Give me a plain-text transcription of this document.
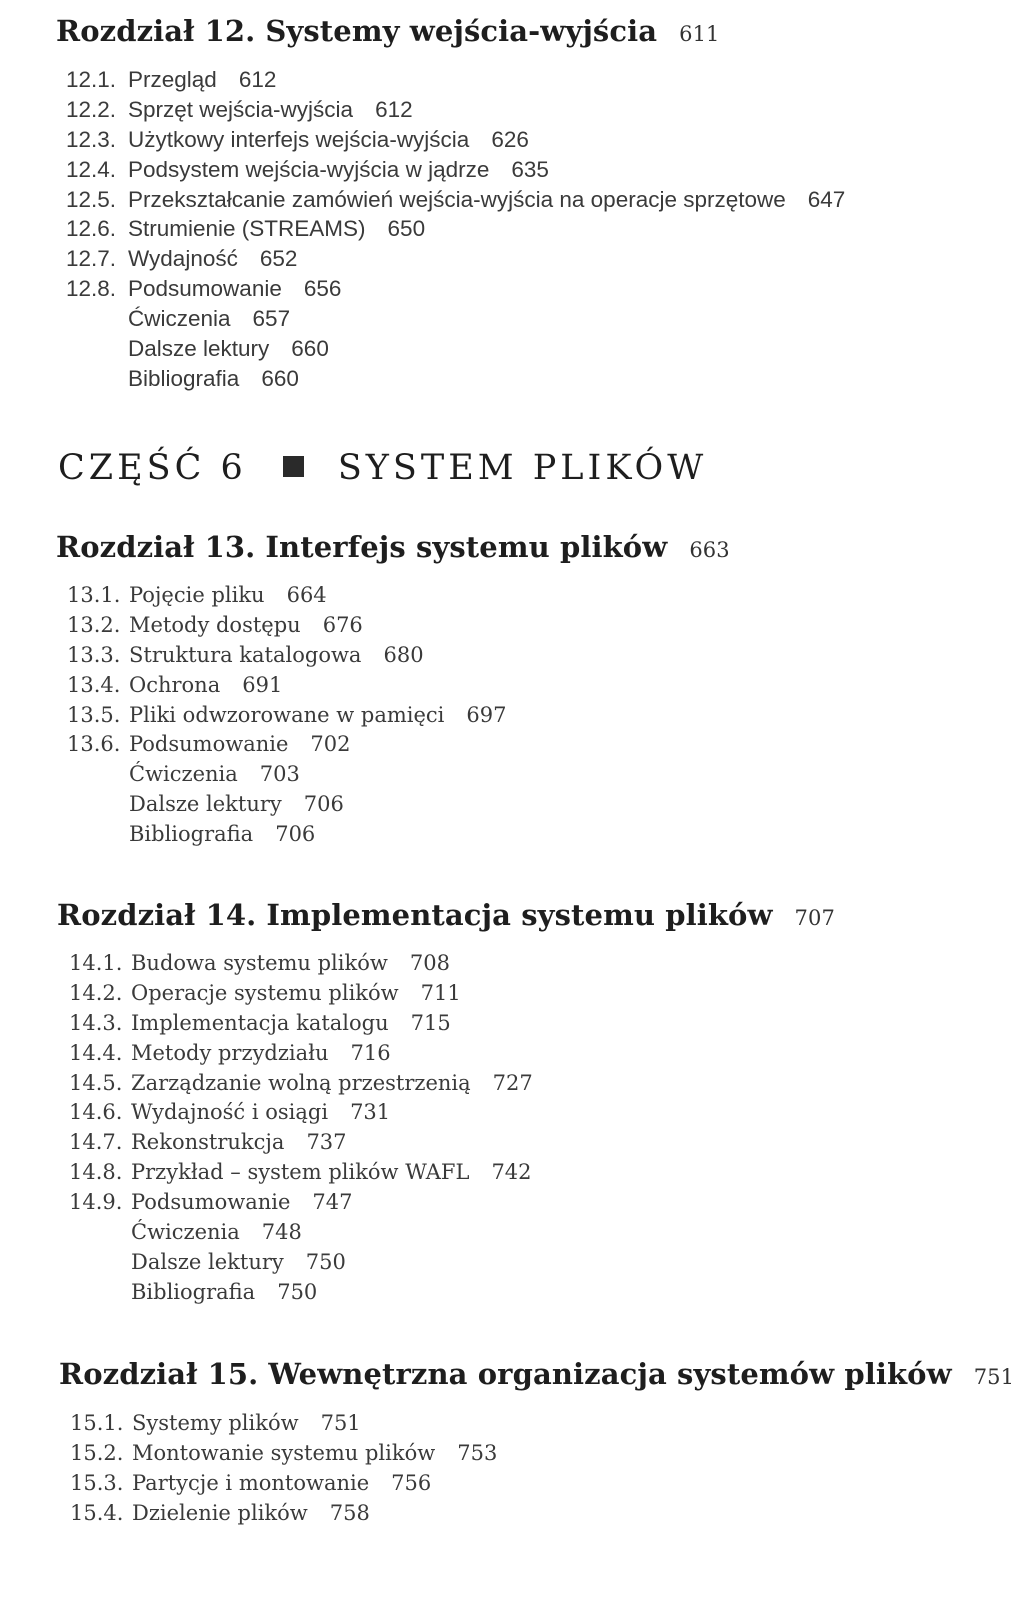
Rozdział 12. Systemy wejścia-wyjścia 611
12.1. Przegląd 612
12.2. Sprzęt wejścia-wyjścia 612
12.3. Użytkowy interfejs wejścia-wyjścia 626
12.4. Podsystem wejścia-wyjścia w jądrze 635
12.5. Przekształcanie zamówień wejścia-wyjścia na operacje sprzętowe 647
12.6. Strumienie (STREAMS) 650
12.7. Wydajność 652
12.8. Podsumowanie 656
Ćwiczenia 657
Dalsze lektury 660
Bibliografia 660
CZĘŚĆ 6	SYSTEM PLIKÓW
Rozdział 13. Interfejs systemu plików 663
13.1. Pojęcie pliku 664
13.2. Metody dostępu 676
13.3. Struktura katalogowa 680
13.4. Ochrona 691
13.5. Pliki odwzorowane w pamięci 697
13.6. Podsumowanie 702
Ćwiczenia 703
Dalsze lektury 706
Bibliografia 706
Rozdział 14. Implementacja systemu plików 707
14.1. Budowa systemu plików 708
14.2. Operacje systemu plików 711
14.3. Implementacja katalogu 715
14.4. Metody przydziału 716
14.5. Zarządzanie wolną przestrzenią 727
14.6. Wydajność i osiągi 731
14.7. Rekonstrukcja 737
14.8. Przykład – system plików WAFL 742
14.9. Podsumowanie 747
Ćwiczenia 748
Dalsze lektury 750
Bibliografia 750
Rozdział 15. Wewnętrzna organizacja systemów plików 751
15.1. Systemy plików 751
15.2. Montowanie systemu plików 753
15.3. Partycje i montowanie 756
15.4. Dzielenie plików 758
